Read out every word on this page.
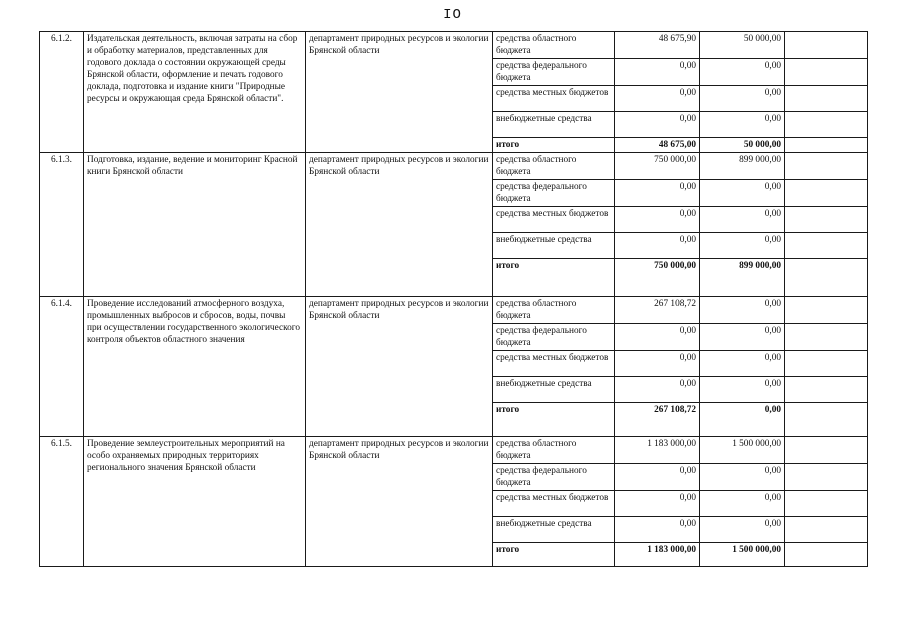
IO
6.1.2.	Издательская деятельность, включая затраты на сбор и обработку материалов, представленных для годового доклада о состоянии окружающей среды Брянской области, оформление и печать годового доклада, подготовка и издание книги "Природные ресурсы и окружающая среда Брянской области".	департамент природных ресурсов и экологии Брянской области	средства областного бюджета	48 675,90	50 000,00	
			средства федерального бюджета	0,00	0,00	
			средства местных бюджетов	0,00	0,00	
			внебюджетные средства	0,00	0,00	
			итого	48 675,00	50 000,00	
6.1.3.	Подготовка, издание, ведение и мониторинг Красной книги Брянской области	департамент природных ресурсов и экологии Брянской области	средства областного бюджета	750 000,00	899 000,00	
			средства федерального бюджета	0,00	0,00	
			средства местных бюджетов	0,00	0,00	
			внебюджетные средства	0,00	0,00	
			итого	750 000,00	899 000,00	
6.1.4.	Проведение исследований атмосферного воздуха, промышленных выбросов и сбросов, воды, почвы при осуществлении государственного экологического контроля объектов областного значения	департамент природных ресурсов и экологии Брянской области	средства областного бюджета	267 108,72	0,00	
			средства федерального бюджета	0,00	0,00	
			средства местных бюджетов	0,00	0,00	
			внебюджетные средства	0,00	0,00	
			итого	267 108,72	0,00	
6.1.5.	Проведение землеустроительных мероприятий на особо охраняемых природных территориях регионального значения Брянской области	департамент природных ресурсов и экологии Брянской области	средства областного бюджета	1 183 000,00	1 500 000,00	
			средства федерального бюджета	0,00	0,00	
			средства местных бюджетов	0,00	0,00	
			внебюджетные средства	0,00	0,00	
			итого	1 183 000,00	1 500 000,00	
